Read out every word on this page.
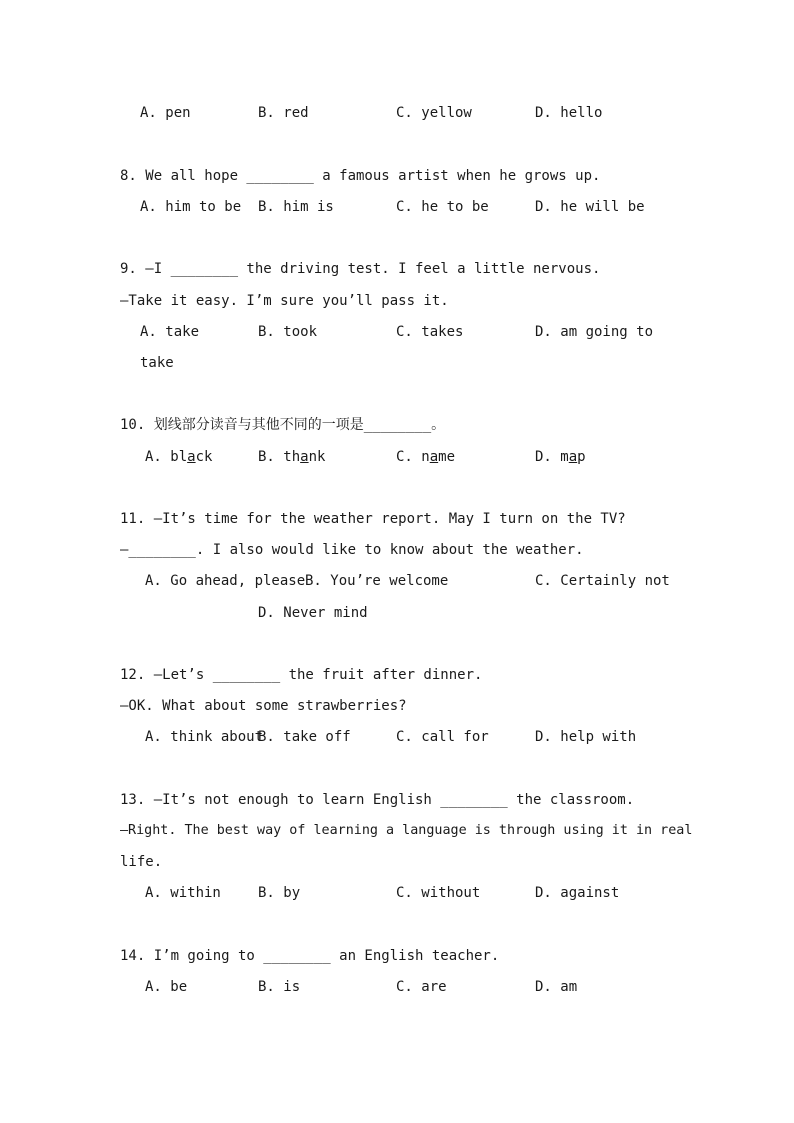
A. pen	B. red	C. yellow	D. hello
8. We all hope ________ a famous artist when he grows up.
A. him to be B. him is	C. he to be	D. he will be
9. —I ________ the driving test. I feel a little nervous.
—Take it easy. I’m sure you’ll pass it.
A. take	B. took	C. takes	D. am going to
take
10. 划线部分读音与其他不同的一项是________。
A. black	B. thank	C. name	D. map
11. —It’s time for the weather report. May I turn on the TV?
—________. I also would like to know about the weather.
A. Go ahead, please B. You’re welcome	C. Certainly not
D. Never mind
12. —Let’s ________ the fruit after dinner.
—OK. What about some strawberries?
A. think about
B. take off	C. call for	D. help with
13. —It’s not enough to learn English ________ the classroom.
—Right. The best way of learning a language is through using it in real
life.
A. within	B. by	C. without	D. against
14. I’m going to ________ an English teacher.
A. be	B. is	C. are	D. am
